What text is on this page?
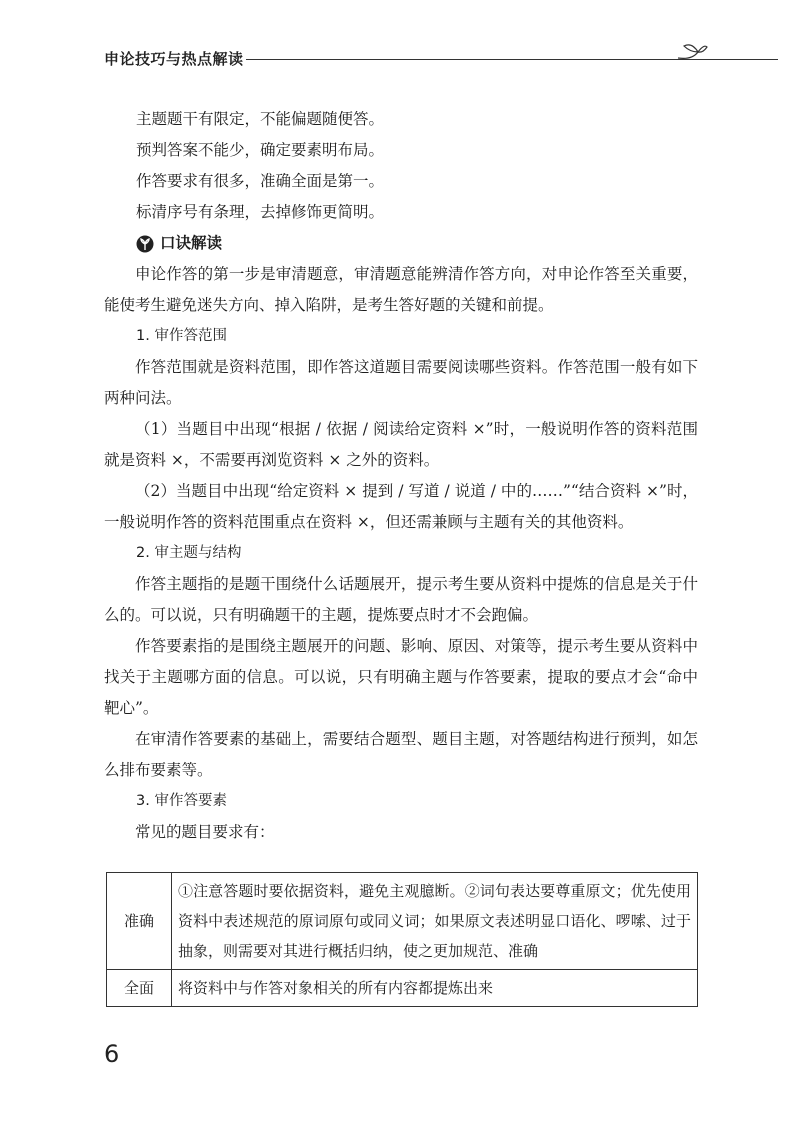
申论技巧与热点解读

主题题干有限定，不能偏题随便答。

预判答案不能少，确定要素明布局。

作答要求有很多，准确全面是第一。

标清序号有条理，去掉修饰更简明。

口诀解读

申论作答的第一步是审清题意，审清题意能辨清作答方向，对申论作答至关重要，能使考生避免迷失方向、掉入陷阱，是考生答好题的关键和前提。

1. 审作答范围

作答范围就是资料范围，即作答这道题目需要阅读哪些资料。作答范围一般有如下两种问法。

（1）当题目中出现“根据 / 依据 / 阅读给定资料 ×”时，一般说明作答的资料范围就是资料 ×，不需要再浏览资料 × 之外的资料。

（2）当题目中出现“给定资料 × 提到 / 写道 / 说道 / 中的……”“结合资料 ×”时，一般说明作答的资料范围重点在资料 ×，但还需兼顾与主题有关的其他资料。

2. 审主题与结构

作答主题指的是题干围绕什么话题展开，提示考生要从资料中提炼的信息是关于什么的。可以说，只有明确题干的主题，提炼要点时才不会跑偏。

作答要素指的是围绕主题展开的问题、影响、原因、对策等，提示考生要从资料中找关于主题哪方面的信息。可以说，只有明确主题与作答要素，提取的要点才会“命中靶心”。

在审清作答要素的基础上，需要结合题型、题目主题，对答题结构进行预判，如怎么排布要素等。

3. 审作答要素

常见的题目要求有：

准确	①注意答题时要依据资料，避免主观臆断。②词句表达要尊重原文；优先使用资料中表述规范的原词原句或同义词；如果原文表述明显口语化、啰嗦、过于抽象，则需要对其进行概括归纳，使之更加规范、准确
全面	将资料中与作答对象相关的所有内容都提炼出来
6
